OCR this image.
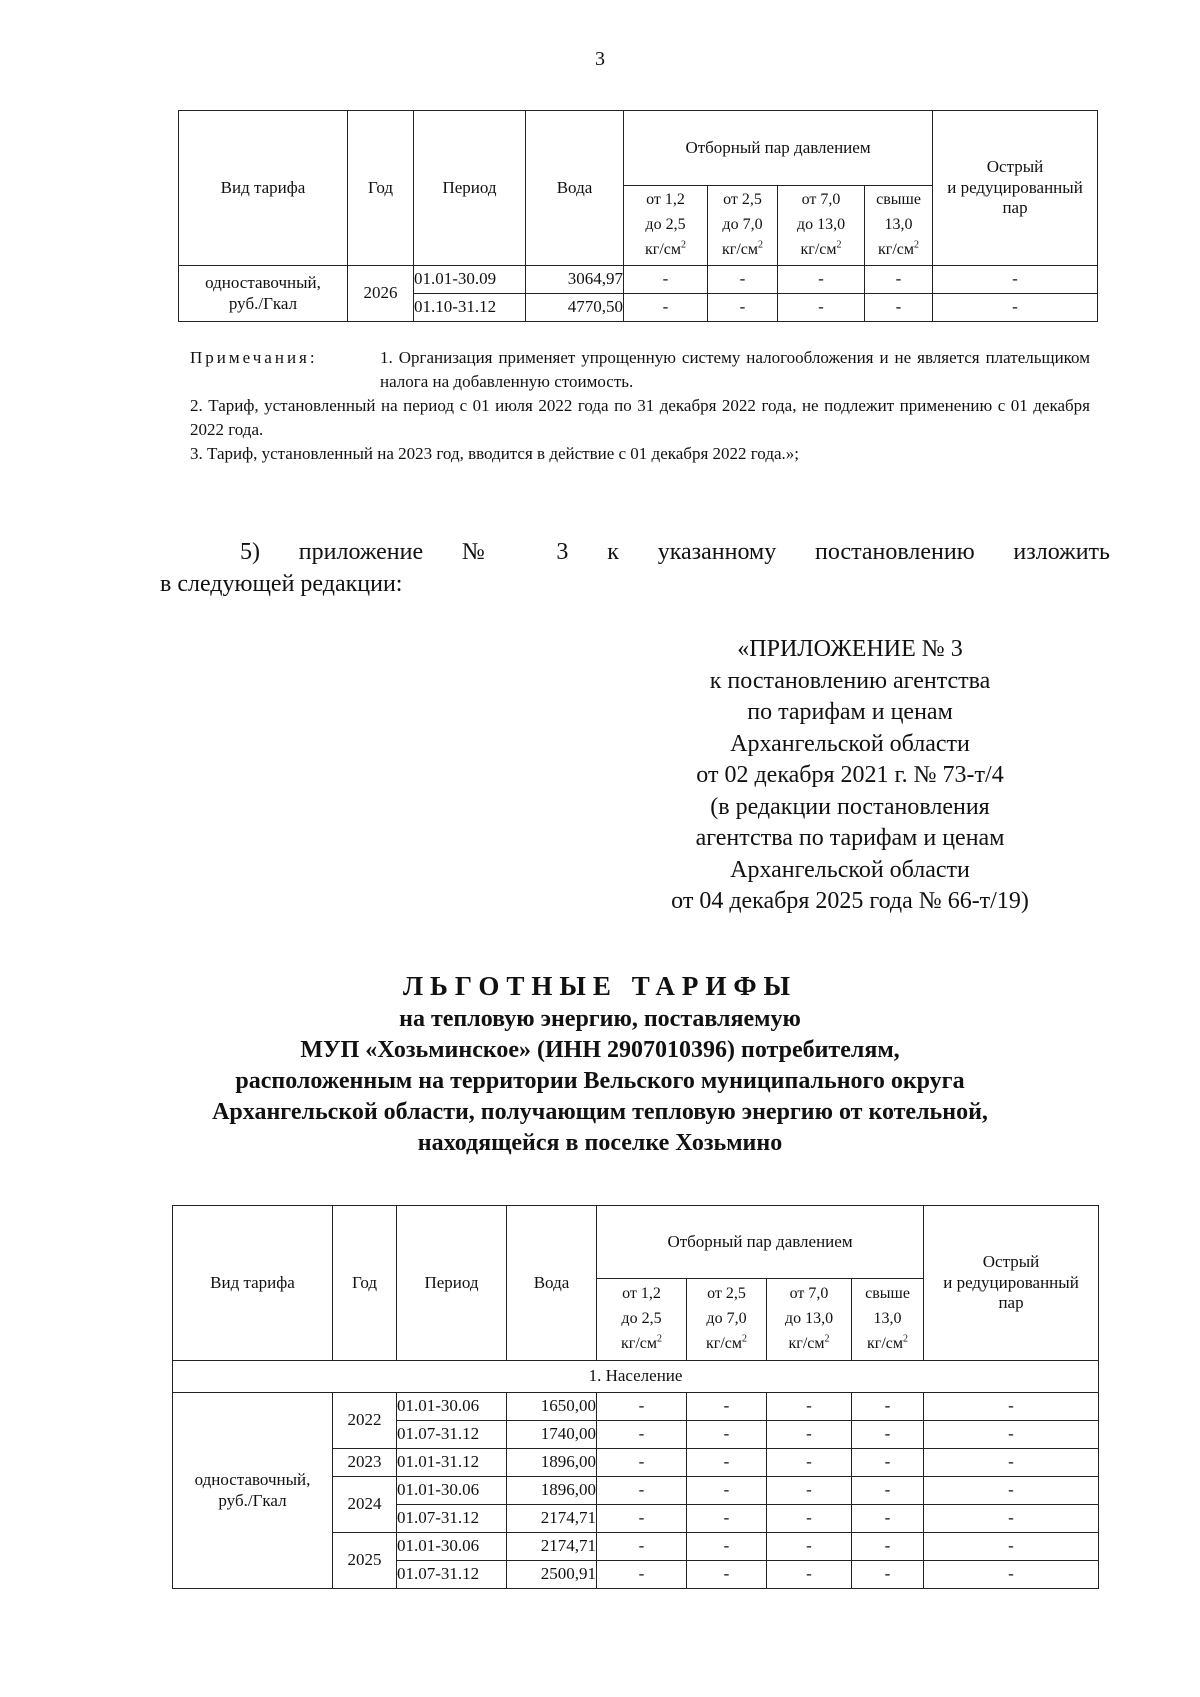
3
Вид тарифа	Год	Период	Вода	Отборный пар давлением				Острый
и редуцированный
пар
				от 1,2
до 2,5
$кг/см^2$	от 2,5
до 7,0
$кг/см^2$	от 7,0
до 13,0
$кг/см^2$	свыше
13,0
$кг/см^2$
одноставочный,
руб./Гкал	2026	01.01-30.09	3064,97	-	-	-	-	-
		01.10-31.12	4770,50	-	-	-	-	-
Примечания:	1. Организация применяет упрощенную систему налогообложения и не является плательщиком налога на добавленную стоимость.
2. Тариф, установленный на период с 01 июля 2022 года по 31 декабря 2022 года, не подлежит применению с 01 декабря 2022 года.
3. Тариф, установленный на 2023 год, вводится в действие с 01 декабря 2022 года.»;
5) приложение № 3 к указанному постановлению изложить
в следующей редакции:
«ПРИЛОЖЕНИЕ № 3
к постановлению агентства
по тарифам и ценам
Архангельской области
от 02 декабря 2021 г. № 73-т/4
(в редакции постановления
агентства по тарифам и ценам
Архангельской области
от 04 декабря 2025 года № 66-т/19)
ЛЬГОТНЫЕ ТАРИФЫ
на тепловую энергию, поставляемую
МУП «Хозьминское» (ИНН 2907010396) потребителям,
расположенным на территории Вельского муниципального округа
Архангельской области, получающим тепловую энергию от котельной,
находящейся в поселке Хозьмино
Вид тарифа	Год	Период	Вода	Отборный пар давлением				Острый
и редуцированный
пар
				от 1,2
до 2,5
$кг/см^2$	от 2,5
до 7,0
$кг/см^2$	от 7,0
до 13,0
$кг/см^2$	свыше
13,0
$кг/см^2$
1. Население								
одноставочный,
руб./Гкал	2022	01.01-30.06	1650,00	-	-	-	-	-
		01.07-31.12	1740,00	-	-	-	-	-
	2023	01.01-31.12	1896,00	-	-	-	-	-
	2024	01.01-30.06	1896,00	-	-	-	-	-
		01.07-31.12	2174,71	-	-	-	-	-
	2025	01.01-30.06	2174,71	-	-	-	-	-
		01.07-31.12	2500,91	-	-	-	-	-
